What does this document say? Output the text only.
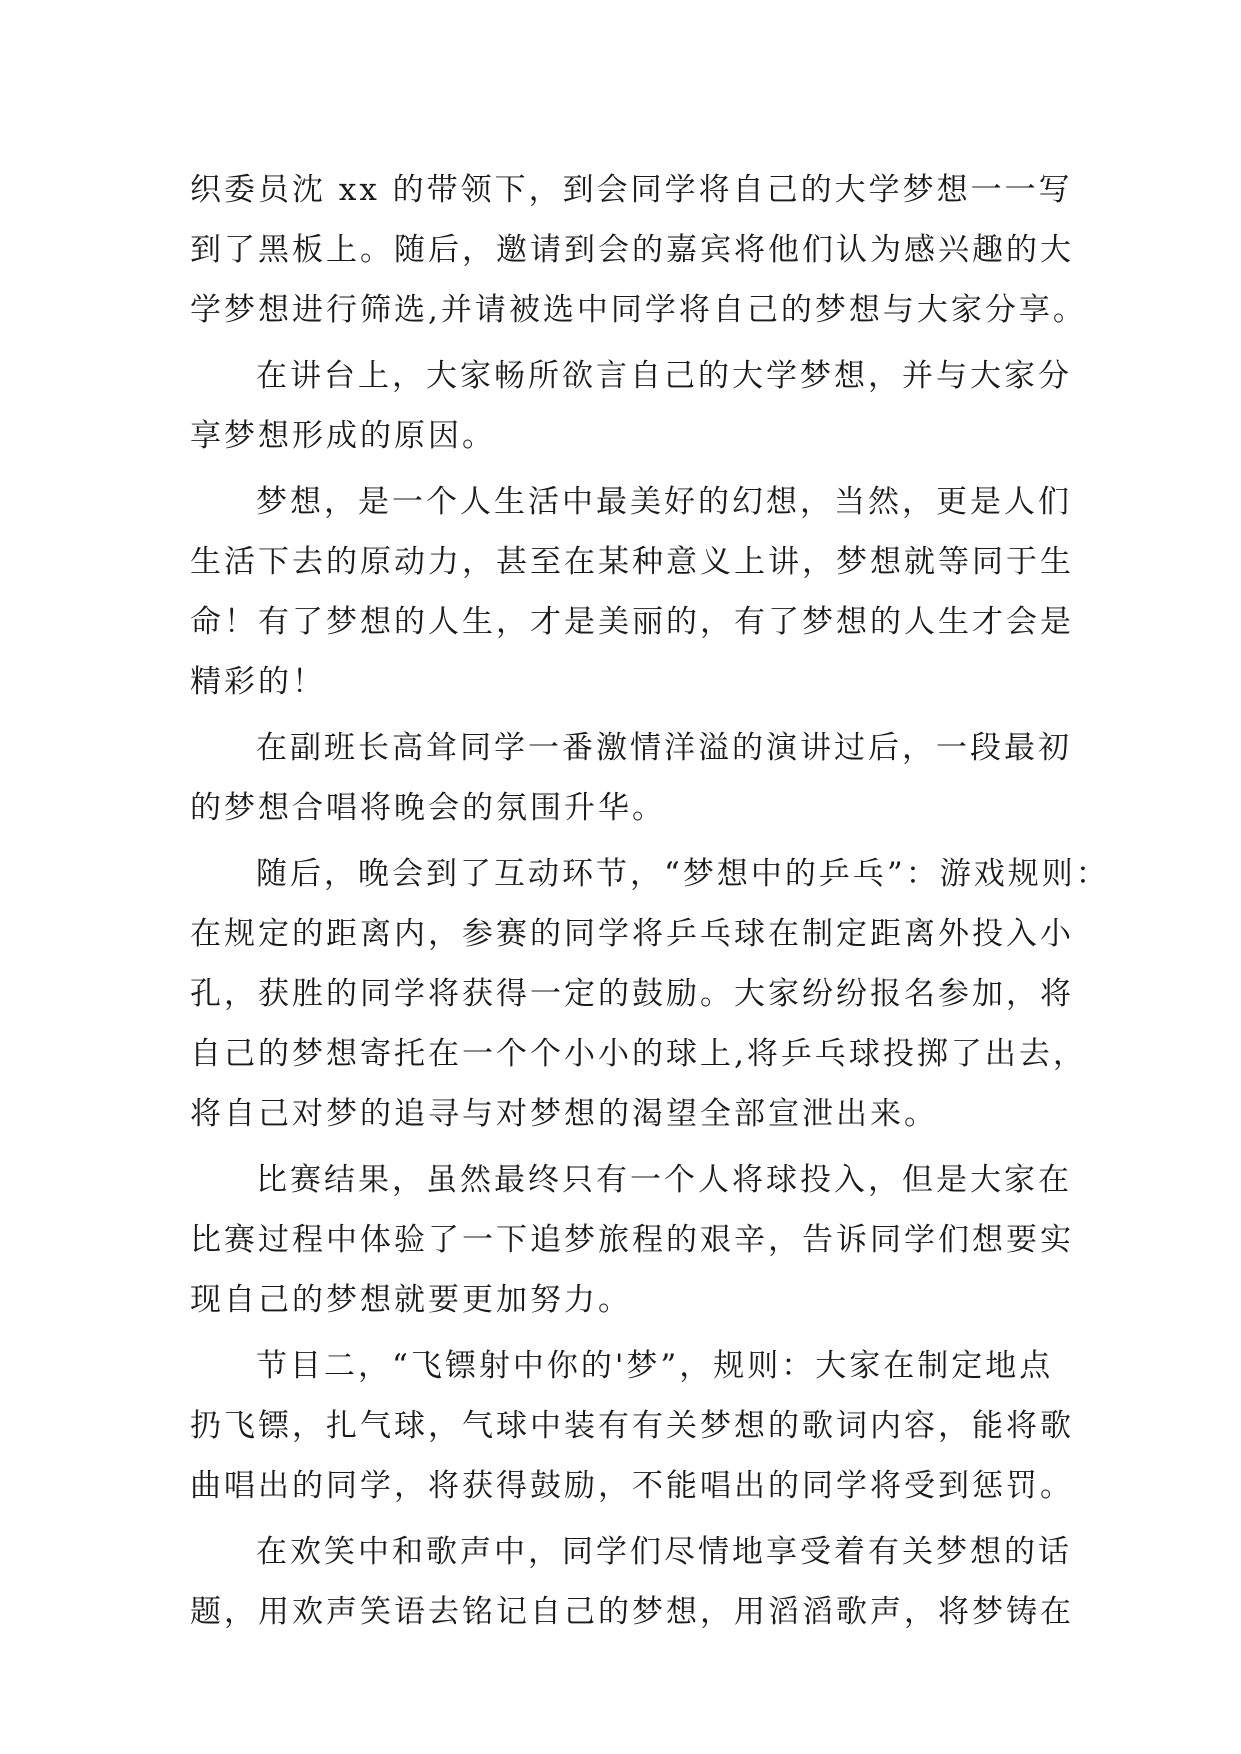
织委员沈 xx 的带领下，到会同学将自己的大学梦想一一写
到了黑板上。随后，邀请到会的嘉宾将他们认为感兴趣的大
学梦想进行筛选,并请被选中同学将自己的梦想与大家分享。
在讲台上，大家畅所欲言自己的大学梦想，并与大家分
享梦想形成的原因。
梦想，是一个人生活中最美好的幻想，当然，更是人们
生活下去的原动力，甚至在某种意义上讲，梦想就等同于生
命！有了梦想的人生，才是美丽的，有了梦想的人生才会是
精彩的！
在副班长高耸同学一番激情洋溢的演讲过后，一段最初
的梦想合唱将晚会的氛围升华。
随后，晚会到了互动环节，“梦想中的乒乓”：游戏规则：
在规定的距离内，参赛的同学将乒乓球在制定距离外投入小
孔，获胜的同学将获得一定的鼓励。大家纷纷报名参加，将
自己的梦想寄托在一个个小小的球上,将乒乓球投掷了出去，
将自己对梦的追寻与对梦想的渴望全部宣泄出来。
比赛结果，虽然最终只有一个人将球投入，但是大家在
比赛过程中体验了一下追梦旅程的艰辛，告诉同学们想要实
现自己的梦想就要更加努力。
节目二，“飞镖射中你的'梦”，规则：大家在制定地点
扔飞镖，扎气球，气球中装有有关梦想的歌词内容，能将歌
曲唱出的同学，将获得鼓励，不能唱出的同学将受到惩罚。
在欢笑中和歌声中，同学们尽情地享受着有关梦想的话
题，用欢声笑语去铭记自己的梦想，用滔滔歌声，将梦铸在
